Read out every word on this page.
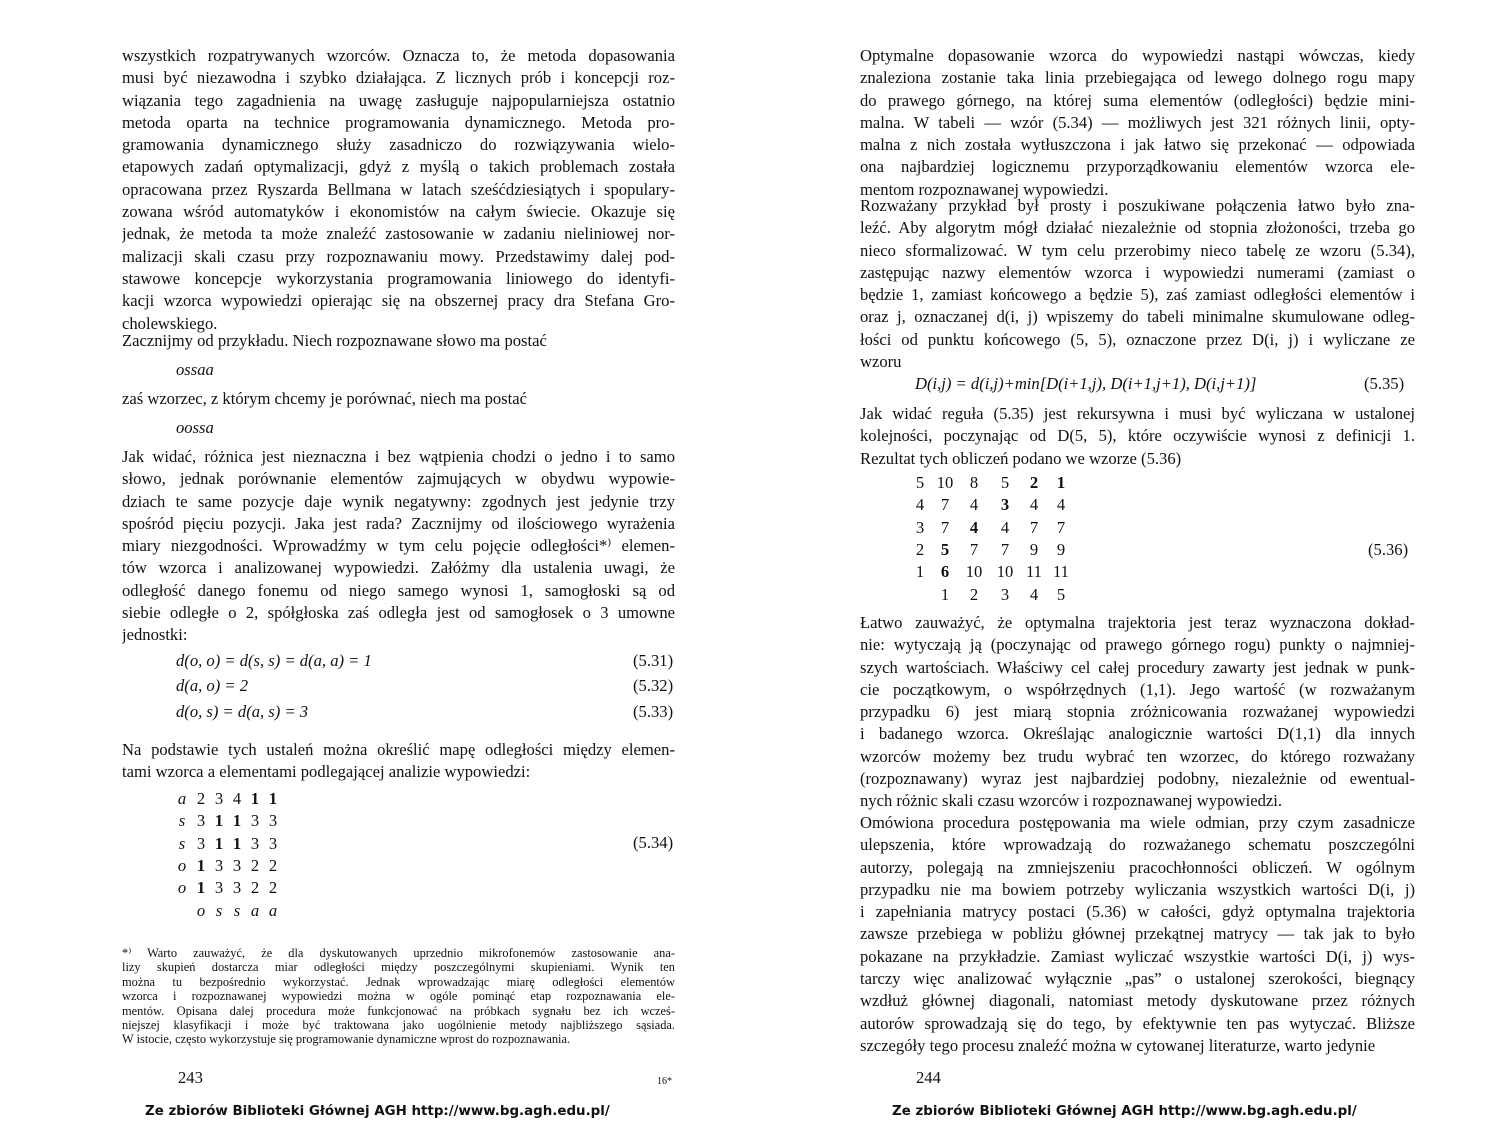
wszystkich rozpatrywanych wzorców. Oznacza to, że metoda dopasowania
musi być niezawodna i szybko działająca. Z licznych prób i koncepcji roz-
wiązania tego zagadnienia na uwagę zasługuje najpopularniejsza ostatnio
metoda oparta na technice programowania dynamicznego. Metoda pro-
gramowania dynamicznego służy zasadniczo do rozwiązywania wielo-
etapowych zadań optymalizacji, gdyż z myślą o takich problemach została
opracowana przez Ryszarda Bellmana w latach sześćdziesiątych i spopulary-
zowana wśród automatyków i ekonomistów na całym świecie. Okazuje się
jednak, że metoda ta może znaleźć zastosowanie w zadaniu nieliniowej nor-
malizacji skali czasu przy rozpoznawaniu mowy. Przedstawimy dalej pod-
stawowe koncepcje wykorzystania programowania liniowego do identyfi-
kacji wzorca wypowiedzi opierając się na obszernej pracy dra Stefana Gro-
cholewskiego.
Zacznijmy od przykładu. Niech rozpoznawane słowo ma postać
ossaa
zaś wzorzec, z którym chcemy je porównać, niech ma postać
oossa
Jak widać, różnica jest nieznaczna i bez wątpienia chodzi o jedno i to samo
słowo, jednak porównanie elementów zajmujących w obydwu wypowie-
dziach te same pozycje daje wynik negatywny: zgodnych jest jedynie trzy
spośród pięciu pozycji. Jaka jest rada? Zacznijmy od ilościowego wyrażenia
miary niezgodności. Wprowadźmy w tym celu pojęcie odległości*⁾ elemen-
tów wzorca i analizowanej wypowiedzi. Załóżmy dla ustalenia uwagi, że
odległość danego fonemu od niego samego wynosi 1, samogłoski są od
siebie odległe o 2, spółgłoska zaś odległa jest od samogłosek o 3 umowne
jednostki:
d(o, o) = d(s, s) = d(a, a) = 1	(5.31)
d(a, o) = 2	(5.32)
d(o, s) = d(a, s) = 3	(5.33)
Na podstawie tych ustaleń można określić mapę odległości między elemen-
tami wzorca a elementami podlegającej analizie wypowiedzi:
a	2	3	4	1	1
s	3	1	1	3	3
s	3	1	1	3	3
o	1	3	3	2	2
o	1	3	3	2	2
	o	s	s	a	a
(5.34)
*⁾ Warto zauważyć, że dla dyskutowanych uprzednio mikrofonemów zastosowanie ana-
lizy skupień dostarcza miar odległości między poszczególnymi skupieniami. Wynik ten
można tu bezpośrednio wykorzystać. Jednak wprowadzając miarę odległości elementów
wzorca i rozpoznawanej wypowiedzi można w ogóle pominąć etap rozpoznawania ele-
mentów. Opisana dalej procedura może funkcjonować na próbkach sygnału bez ich wcześ-
niejszej klasyfikacji i może być traktowana jako uogólnienie metody najbliższego sąsiada.
W istocie, często wykorzystuje się programowanie dynamiczne wprost do rozpoznawania.
243	16*
Ze zbiorów Biblioteki Głównej AGH http://www.bg.agh.edu.pl/
Optymalne dopasowanie wzorca do wypowiedzi nastąpi wówczas, kiedy
znaleziona zostanie taka linia przebiegająca od lewego dolnego rogu mapy
do prawego górnego, na której suma elementów (odległości) będzie mini-
malna. W tabeli — wzór (5.34) — możliwych jest 321 różnych linii, opty-
malna z nich została wytłuszczona i jak łatwo się przekonać — odpowiada
ona najbardziej logicznemu przyporządkowaniu elementów wzorca ele-
mentom rozpoznawanej wypowiedzi.
Rozważany przykład był prosty i poszukiwane połączenia łatwo było zna-
leźć. Aby algorytm mógł działać niezależnie od stopnia złożoności, trzeba go
nieco sformalizować. W tym celu przerobimy nieco tabelę ze wzoru (5.34),
zastępując nazwy elementów wzorca i wypowiedzi numerami (zamiast o
będzie 1, zamiast końcowego a będzie 5), zaś zamiast odległości elementów i
oraz j, oznaczanej d(i, j) wpiszemy do tabeli minimalne skumulowane odleg-
łości od punktu końcowego (5, 5), oznaczone przez D(i, j) i wyliczane ze
wzoru
D(i,j) = d(i,j)+min[D(i+1,j), D(i+1,j+1), D(i,j+1)]	(5.35)
Jak widać reguła (5.35) jest rekursywna i musi być wyliczana w ustalonej
kolejności, poczynając od D(5, 5), które oczywiście wynosi z definicji 1.
Rezultat tych obliczeń podano we wzorze (5.36)
5	10	8	5	2	1
4	7	4	3	4	4
3	7	4	4	7	7
2	5	7	7	9	9
1	6	10	10	11	11
	1	2	3	4	5
(5.36)
Łatwo zauważyć, że optymalna trajektoria jest teraz wyznaczona dokład-
nie: wytyczają ją (poczynając od prawego górnego rogu) punkty o najmniej-
szych wartościach. Właściwy cel całej procedury zawarty jest jednak w punk-
cie początkowym, o współrzędnych (1,1). Jego wartość (w rozważanym
przypadku 6) jest miarą stopnia zróżnicowania rozważanej wypowiedzi
i badanego wzorca. Określając analogicznie wartości D(1,1) dla innych
wzorców możemy bez trudu wybrać ten wzorzec, do którego rozważany
(rozpoznawany) wyraz jest najbardziej podobny, niezależnie od ewentual-
nych różnic skali czasu wzorców i rozpoznawanej wypowiedzi.
Omówiona procedura postępowania ma wiele odmian, przy czym zasadnicze
ulepszenia, które wprowadzają do rozważanego schematu poszczególni
autorzy, polegają na zmniejszeniu pracochłonności obliczeń. W ogólnym
przypadku nie ma bowiem potrzeby wyliczania wszystkich wartości D(i, j)
i zapełniania matrycy postaci (5.36) w całości, gdyż optymalna trajektoria
zawsze przebiega w pobliżu głównej przekątnej matrycy — tak jak to było
pokazane na przykładzie. Zamiast wyliczać wszystkie wartości D(i, j) wys-
tarczy więc analizować wyłącznie „pas” o ustalonej szerokości, biegnący
wzdłuż głównej diagonali, natomiast metody dyskutowane przez różnych
autorów sprowadzają się do tego, by efektywnie ten pas wytyczać. Bliższe
szczegóły tego procesu znaleźć można w cytowanej literaturze, warto jedynie
244
Ze zbiorów Biblioteki Głównej AGH http://www.bg.agh.edu.pl/
